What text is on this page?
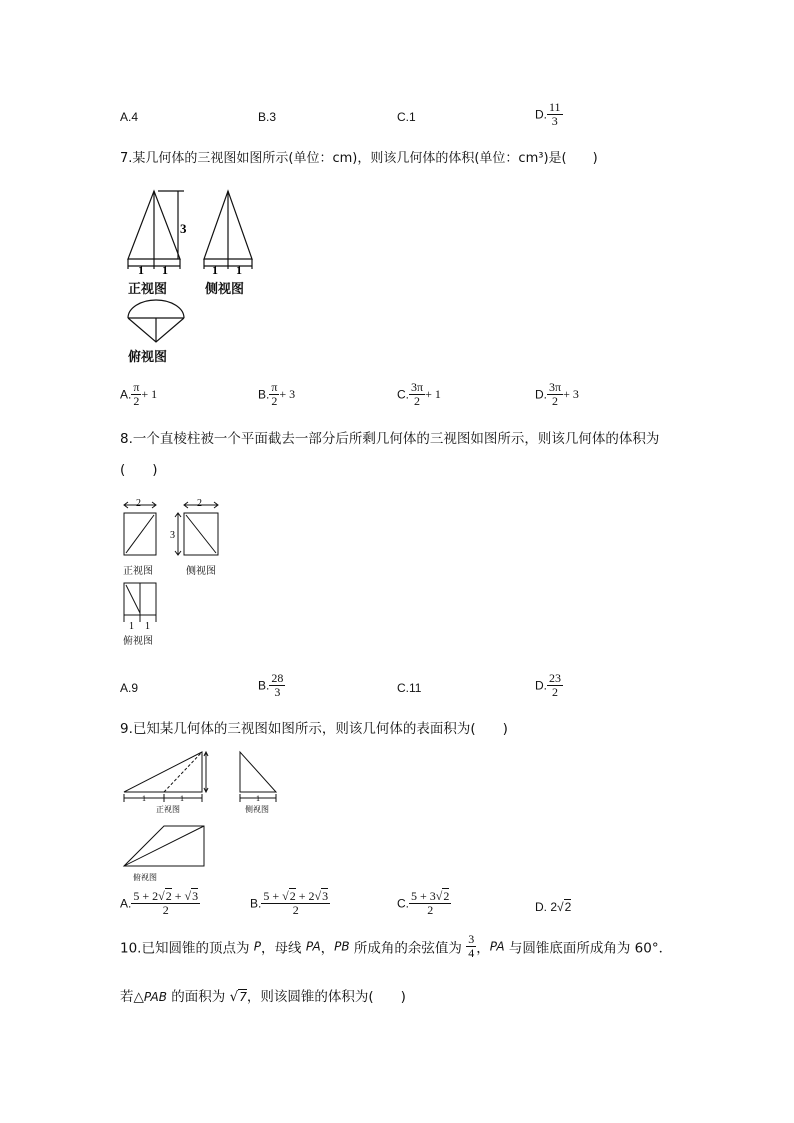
A.4	B.3	C.1	D. $\frac{11}{3}$
7.某几何体的三视图如图所示(单位：cm)，则该几何体的体积(单位：cm³)是(　　)
3
1 1
正视图
1 1
侧视图
俯视图
A. $\frac{\pi}{2} + 1$	B. $\frac{\pi}{2} + 3$	C. $\frac{3\pi}{2} + 1$	D. $\frac{3\pi}{2} + 3$
8.一个直棱柱被一个平面截去一部分后所剩几何体的三视图如图所示，则该几何体的体积为
(　　)
2
正视图
2
3
侧视图
1 1
俯视图
A.9	B. $\frac{28}{3}$	C.11	D. $\frac{23}{2}$
9.已知某几何体的三视图如图所示，则该几何体的表面积为(　　)
1	1
正视图
1
侧视图
俯视图
A. $\frac{5 + 2√2 + √3}{2}$	B. $\frac{5 + √2 + 2√3}{2}$	C. $\frac{5 + 3√2}{2}$	D. 2√2
10.已知圆锥的顶点为 P，母线 PA，PB 所成角的余弦值为 $\frac{3}{4}$ ，PA 与圆锥底面所成角为 60°．
若△PAB 的面积为 √7，则该圆锥的体积为(　　)
